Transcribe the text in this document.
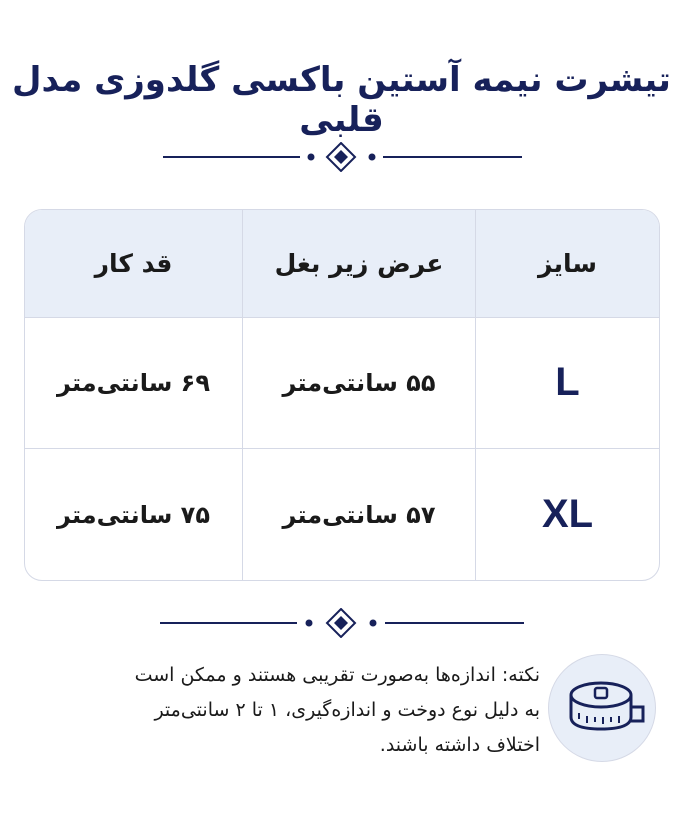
تیشرت نیمه آستین باکسی گلدوزی مدل قلبی
سایز	عرض زیر بغل	قد کار
L	۵۵ سانتی‌متر	۶۹ سانتی‌متر
XL	۵۷ سانتی‌متر	۷۵ سانتی‌متر
نکته: اندازه‌ها به‌صورت تقریبی هستند و ممکن است
به دلیل نوع دوخت و اندازه‌گیری، ۱ تا ۲ سانتی‌متر
اختلاف داشته باشند.
